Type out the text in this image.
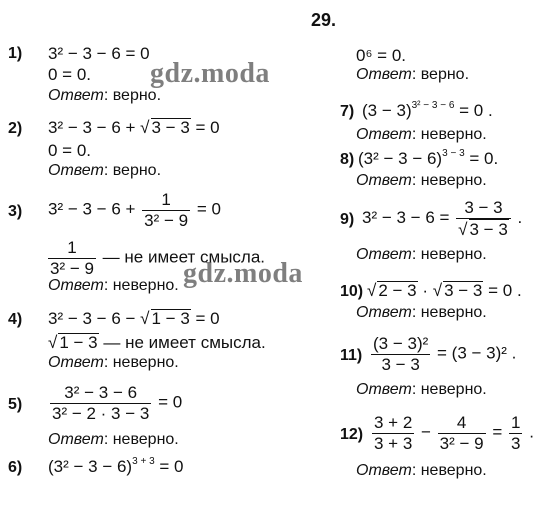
29.
gdz.moda
gdz.moda
1) 3² − 3 − 6 = 0
0 = 0.
Ответ: верно.
2) 3² − 3 − 6 + √ 3 − 3 = 0
0 = 0.
Ответ: верно.
3) $3^2 - 3 - 6 + \frac{1}{\text{3² − 9}} = 0$
$\frac{1}{\text{3² − 9}}$ — не имеет смысла.
Ответ: неверно.
4) 3² − 3 − 6 − √ 1 − 3 = 0
√ 1 − 3 — не имеет смысла.
Ответ: неверно.
$5) \frac{\text{3² − 3 − 6}}{\text{3² − 2 · 3 − 3}} = 0$
Ответ: неверно.
6) $(3^2 - 3 - 6)^{3 + 3} = 0$
0⁶ = 0.
Ответ: верно.
7) $(3 - 3)^{3^2 - 3 - 6} = 0$ .
Ответ: неверно.
8) $(3^2 - 3 - 6)^{3 - 3} = 0$.
Ответ: неверно.
9) $3^2 - 3 - 6 = \frac{3 - 3}{√ 3 - 3}$ .
Ответ: неверно.
10) √ 2 − 3 · √ 3 − 3 = 0 .
Ответ: неверно.
$11) \frac{\text{(3 − 3)²}}{3 - 3} = (3 - 3)^2$ .
Ответ: неверно.
$12) \frac{3 + 2}{3 + 3} - \frac{4}{\text{3² − 9}} = \frac{1}{3}$ .
Ответ: неверно.
